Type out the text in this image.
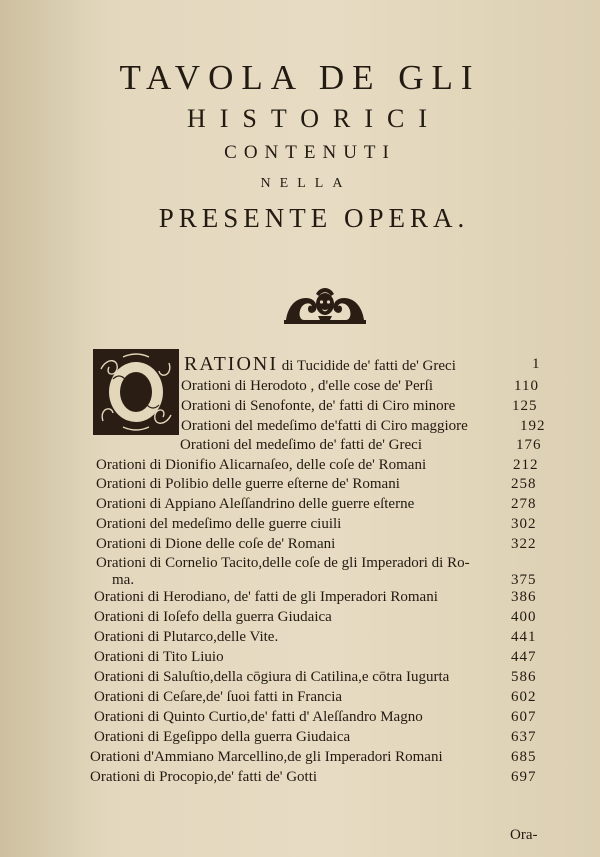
TAVOLA DE GLI
HISTORICI
CONTENUTI
NELLA
PRESENTE OPERA.
RATIONI di Tucidide de' fatti de' Greci	1
Orationi di Herodoto , d'elle cose de' Perſi	110
Orationi di Senofonte, de' fatti di Ciro minore	125
Orationi del medeſimo de'fatti di Ciro maggiore	192
Orationi del medeſimo de' fatti de' Greci	176
Orationi di Dionifio Alicarnaſeo, delle coſe de' Romani	212
Orationi di Polibio delle guerre eſterne de' Romani	258
Orationi di Appiano Aleſſandrino delle guerre eſterne	278
Orationi del medeſimo delle guerre ciuili	302
Orationi di Dione delle coſe de' Romani	322
Orationi di Cornelio Tacito,delle coſe de gli Imperadori di Ro-
ma.	375
Orationi di Herodiano, de' fatti de gli Imperadori Romani	386
Orationi di Ioſefo della guerra Giudaica	400
Orationi di Plutarco,delle Vite.	441
Orationi di Tito Liuio	447
Orationi di Saluſtio,della cōgiura di Catilina,e cōtra Iugurta	586
Orationi di Ceſare,de' ſuoi fatti in Francia	602
Orationi di Quinto Curtio,de' fatti d' Aleſſandro Magno	607
Orationi di Egeſippo della guerra Giudaica	637
Orationi d'Ammiano Marcellino,de gli Imperadori Romani	685
Orationi di Procopio,de' fatti de' Gotti	697
Ora-
